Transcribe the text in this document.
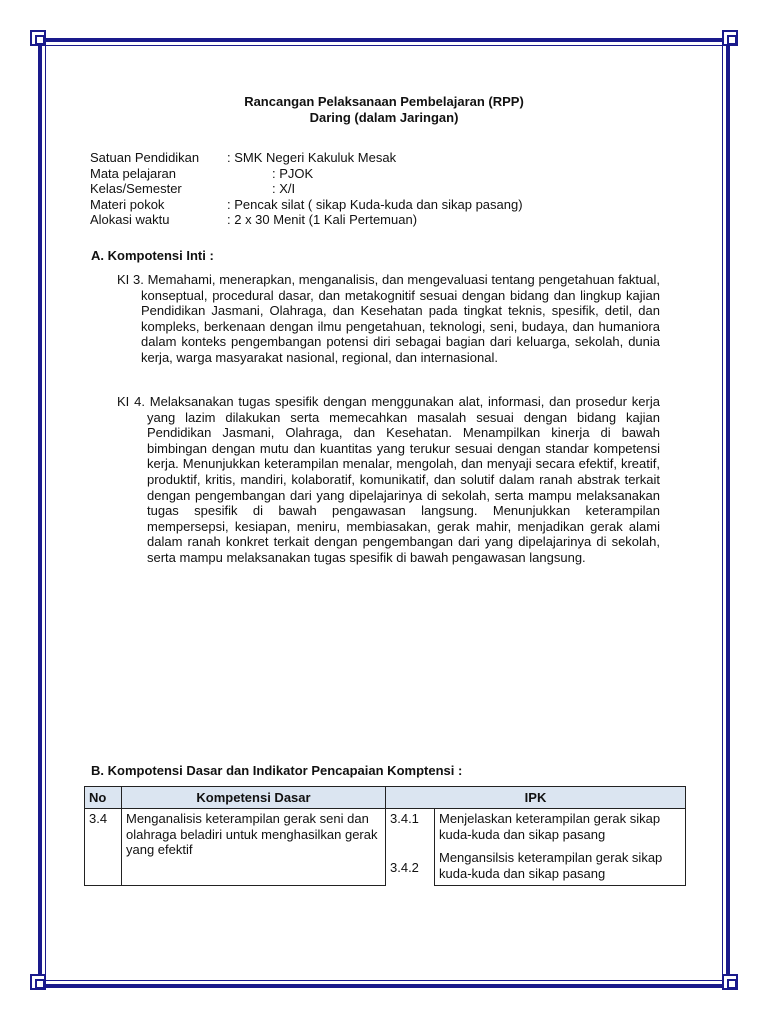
Rancangan Pelaksanaan Pembelajaran (RPP)
Daring (dalam Jaringan)
Satuan Pendidikan : SMK Negeri Kakuluk Mesak
Mata pelajaran	: PJOK
Kelas/Semester	: X/I
Materi pokok	: Pencak silat ( sikap Kuda-kuda dan sikap pasang)
Alokasi waktu	: 2 x 30 Menit (1 Kali Pertemuan)
A. Kompotensi Inti :
KI 3. Memahami, menerapkan, menganalisis, dan mengevaluasi tentang pengetahuan faktual, konseptual, procedural dasar, dan metakognitif sesuai dengan bidang dan lingkup kajian Pendidikan Jasmani, Olahraga, dan Kesehatan pada tingkat teknis, spesifik, detil, dan kompleks, berkenaan dengan ilmu pengetahuan, teknologi, seni, budaya, dan humaniora dalam konteks pengembangan potensi diri sebagai bagian dari keluarga, sekolah, dunia kerja, warga masyarakat nasional, regional, dan internasional.
KI 4. Melaksanakan tugas spesifik dengan menggunakan alat, informasi, dan prosedur kerja yang lazim dilakukan serta memecahkan masalah sesuai dengan bidang kajian Pendidikan Jasmani, Olahraga, dan Kesehatan. Menampilkan kinerja di bawah bimbingan dengan mutu dan kuantitas yang terukur sesuai dengan standar kompetensi kerja. Menunjukkan keterampilan menalar, mengolah, dan menyaji secara efektif, kreatif, produktif, kritis, mandiri, kolaboratif, komunikatif, dan solutif dalam ranah abstrak terkait dengan pengembangan dari yang dipelajarinya di sekolah, serta mampu melaksanakan tugas spesifik di bawah pengawasan langsung. Menunjukkan keterampilan mempersepsi, kesiapan, meniru, membiasakan, gerak mahir, menjadikan gerak alami dalam ranah konkret terkait dengan pengembangan dari yang dipelajarinya di sekolah, serta mampu melaksanakan tugas spesifik di bawah pengawasan langsung.
B. Kompotensi Dasar dan Indikator Pencapaian Komptensi :
No	Kompetensi Dasar	IPK	
3.4	Menganalisis keterampilan gerak seni dan olahraga beladiri untuk menghasilkan gerak yang efektif	3.4.1	Menjelaskan keterampilan gerak sikap kuda-kuda dan sikap pasang
		3.4.2	Mengansilsis keterampilan gerak sikap kuda-kuda dan sikap pasang
